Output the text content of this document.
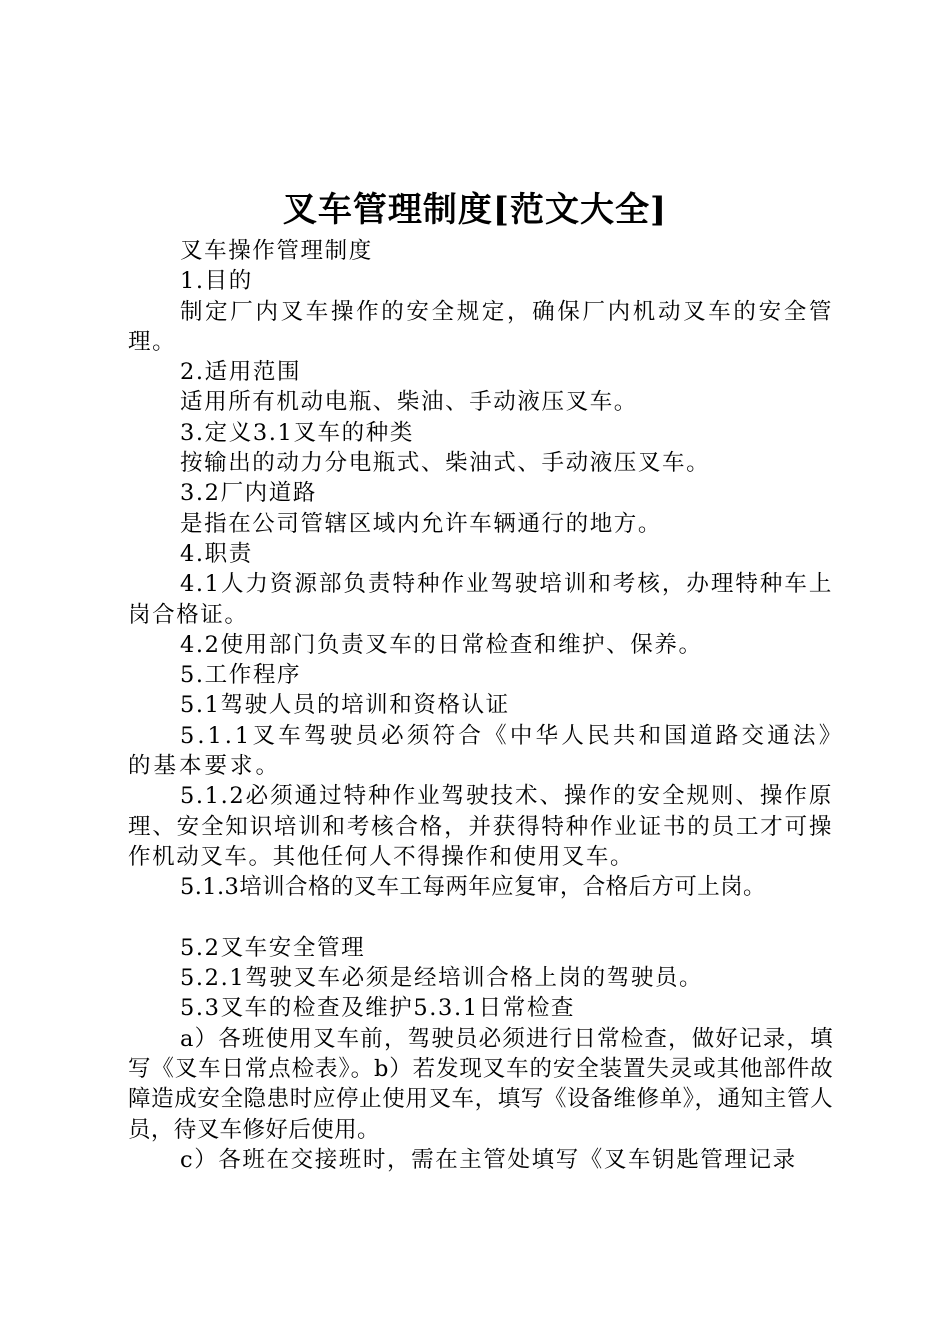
叉车管理制度[范文大全]

叉车操作管理制度

1.目的

制定厂内叉车操作的安全规定，确保厂内机动叉车的安全管理。

2.适用范围

适用所有机动电瓶、柴油、手动液压叉车。

3.定义3.1叉车的种类

按输出的动力分电瓶式、柴油式、手动液压叉车。

3.2厂内道路

是指在公司管辖区域内允许车辆通行的地方。

4.职责

4.1人力资源部负责特种作业驾驶培训和考核，办理特种车上岗合格证。

4.2使用部门负责叉车的日常检查和维护、保养。

5.工作程序

5.1驾驶人员的培训和资格认证

5.1.1叉车驾驶员必须符合《中华人民共和国道路交通法》的基本要求。

5.1.2必须通过特种作业驾驶技术、操作的安全规则、操作原理、安全知识培训和考核合格，并获得特种作业证书的员工才可操作机动叉车。其他任何人不得操作和使用叉车。

5.1.3培训合格的叉车工每两年应复审，合格后方可上岗。

5.2叉车安全管理

5.2.1驾驶叉车必须是经培训合格上岗的驾驶员。

5.3叉车的检查及维护5.3.1日常检查

a）各班使用叉车前，驾驶员必须进行日常检查，做好记录，填写《叉车日常点检表》。b）若发现叉车的安全装置失灵或其他部件故障造成安全隐患时应停止使用叉车，填写《设备维修单》，通知主管人员，待叉车修好后使用。

c）各班在交接班时，需在主管处填写《叉车钥匙管理记录
